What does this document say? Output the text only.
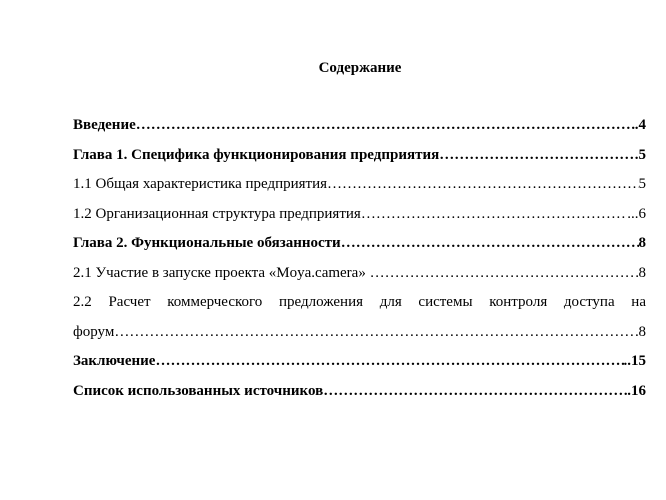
Содержание
Введение ………………………………………………………………………………………………………………………………………………………………………………	.4
Глава 1. Специфика функционирования предприятия ………………………………………………………………………………………………………………………………………………………………………………	.5
1.1 Общая характеристика предприятия ………………………………………………………………………………………………………………………………………………………………………………	5
1.2 Организационная структура предприятия ………………………………………………………………………………………………………………………………………………………………………………	...6
Глава 2. Функциональные обязанности ………………………………………………………………………………………………………………………………………………………………………………	8
2.1 Участие в запуске проекта «Moya.camera» ………………………………………………………………………………………………………………………………………………………………………………	8
2.2 Расчет коммерческого предложения для системы контроля доступа на
форум ………………………………………………………………………………………………………………………………………………………………………………	8
Заключение ………………………………………………………………………………………………………………………………………………………………………………	..15
Список использованных источников ………………………………………………………………………………………………………………………………………………………………………………	.16
